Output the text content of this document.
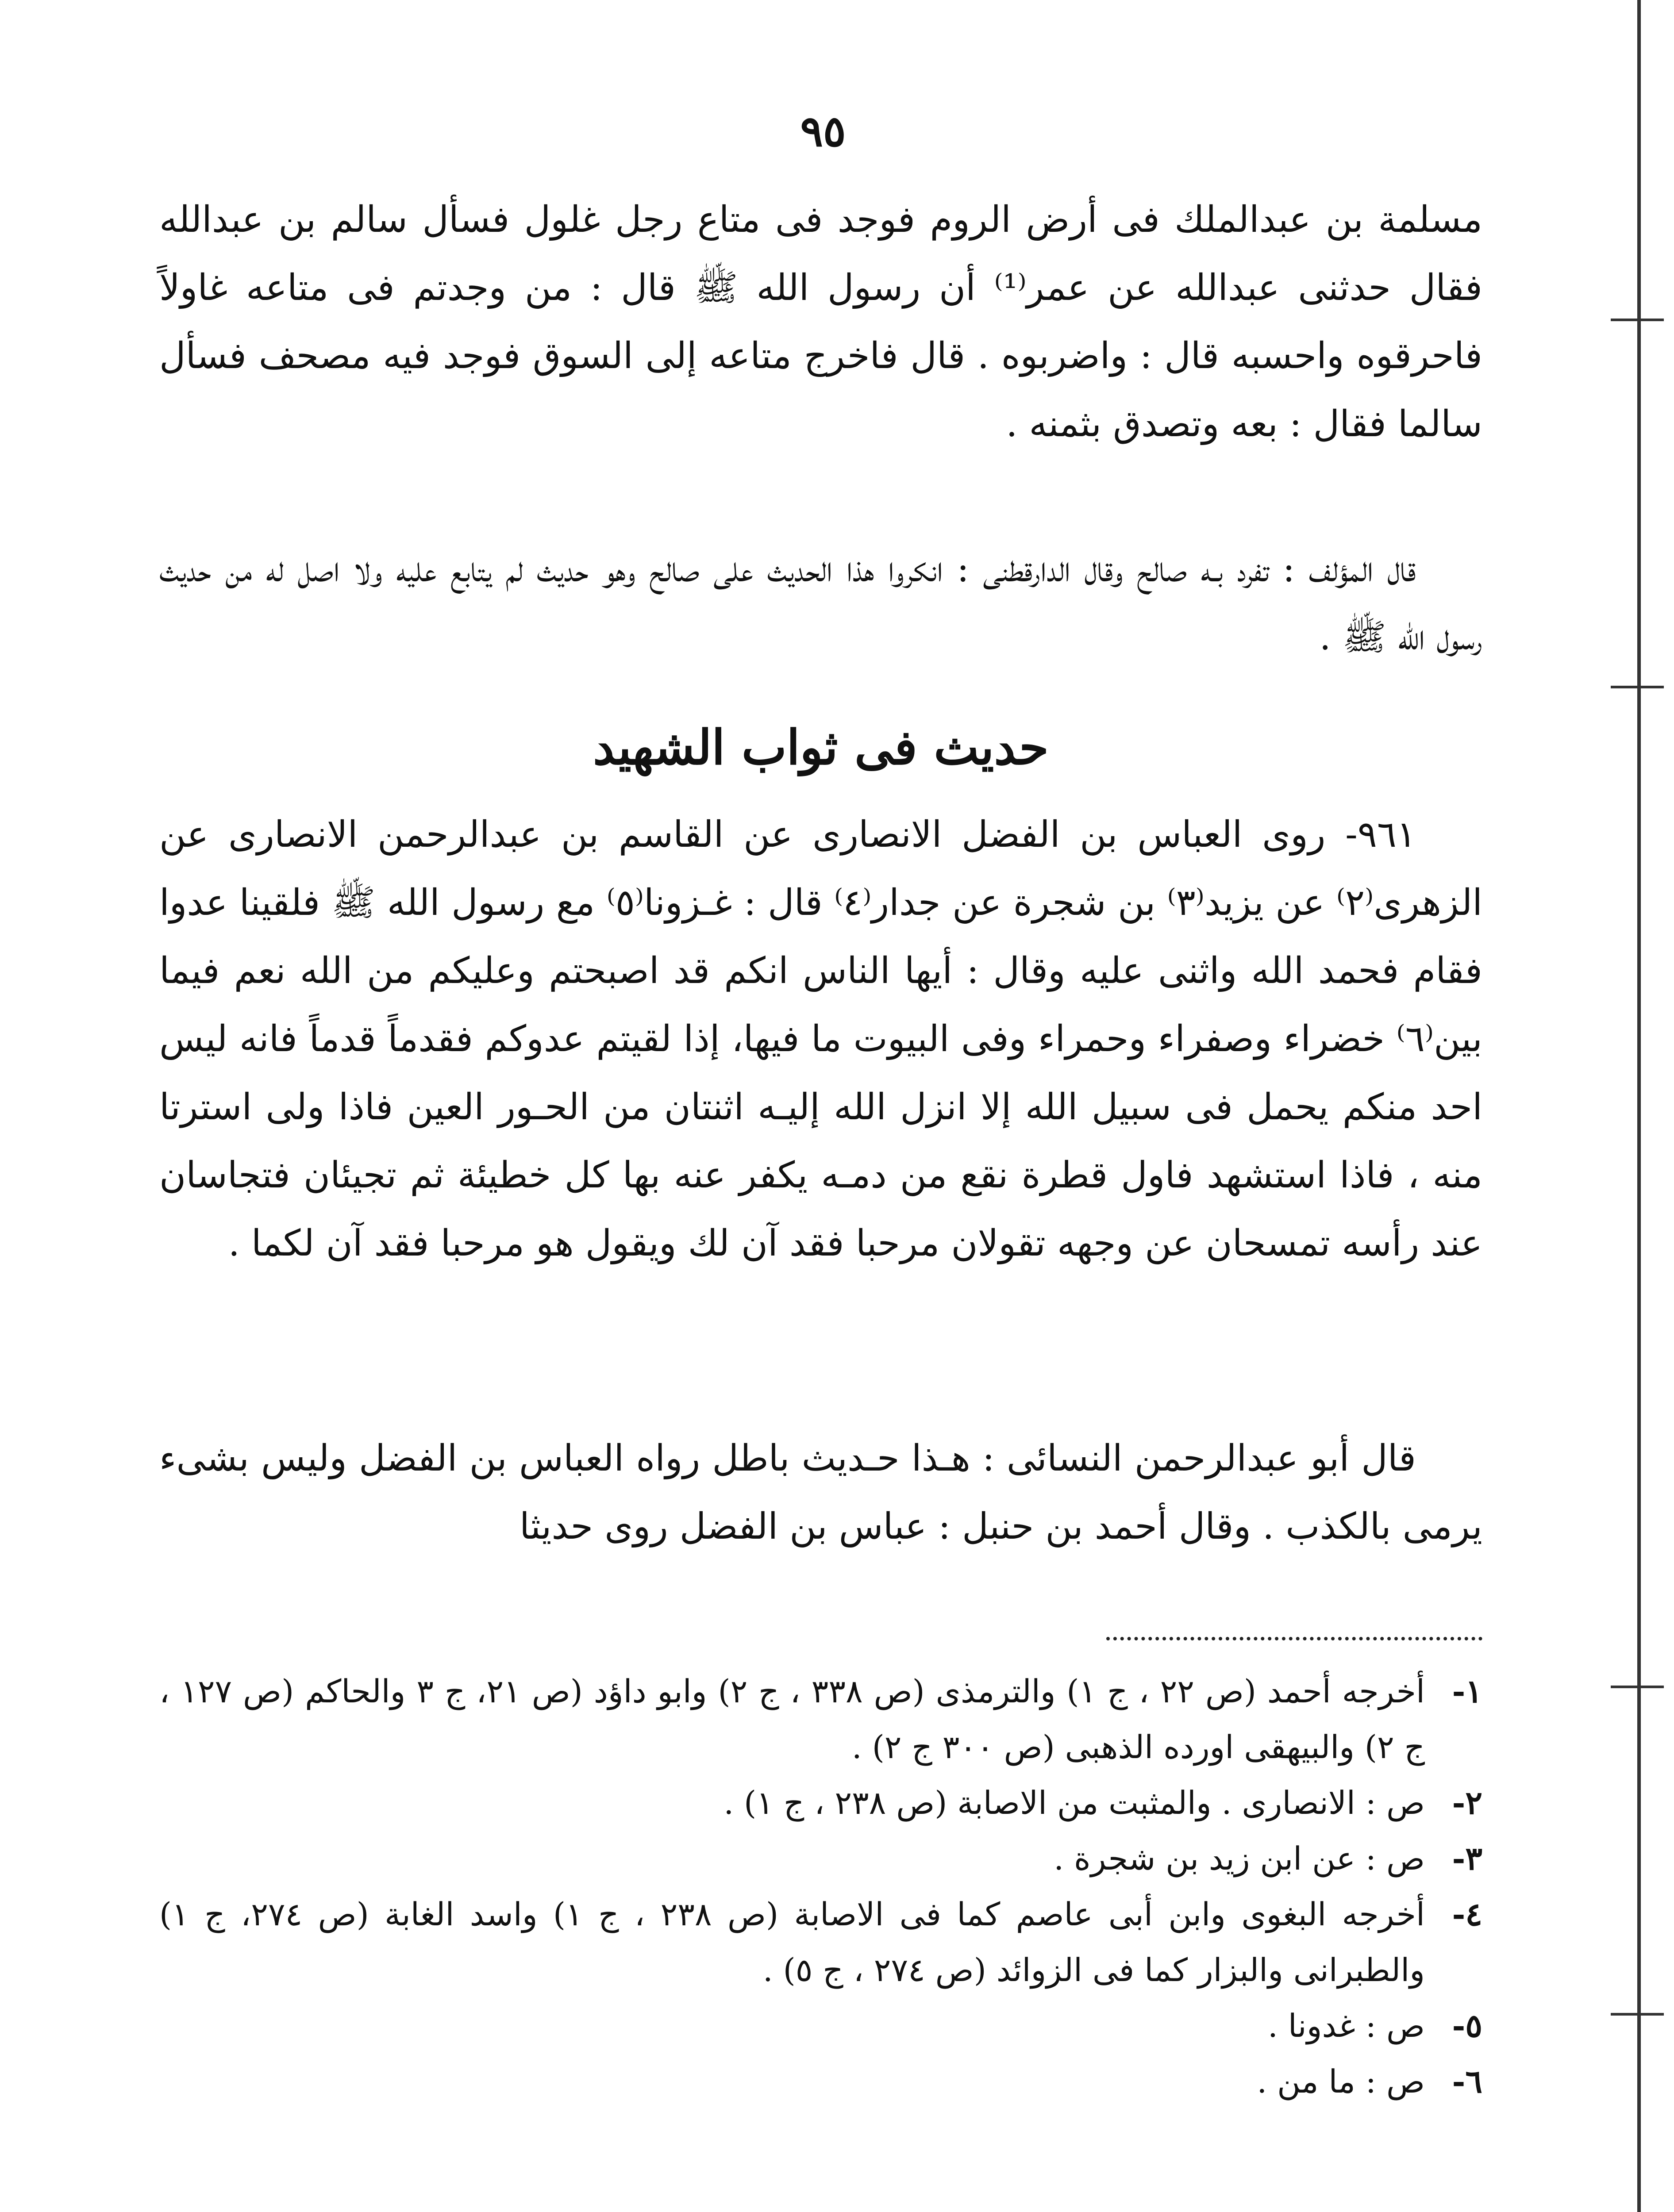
٩٥

مسلمة بن عبدالملك فى أرض الروم فوجد فى متاع رجل غلول فسأل سالم بن عبدالله فقال حدثنى عبدالله عن عمر⁽¹⁾ أن رسول الله ﷺ قال : من وجدتم فى متاعه غاولاً فاحرقوه واحسبه قال : واضربوه . قال فاخرج متاعه إلى السوق فوجد فيه مصحف فسأل سالما فقال : بعه وتصدق بثمنه .

قال المؤلف : تفرد بـه صالح وقال الدارقطنى : انكروا هذا الحديث على صالح وهو حديث لم يتابع عليه ولا اصل له من حديث رسول الله ﷺ .

حديث فى ثواب الشهيد

٩٦١- روى العباس بن الفضل الانصارى عن القاسم بن عبدالرحمن الانصارى عن الزهرى⁽٢⁾ عن يزيد⁽٣⁾ بن شجرة عن جدار⁽٤⁾ قال : غـزونا⁽٥⁾ مع رسول الله ﷺ فلقينا عدوا فقام فحمد الله واثنى عليه وقال : أيها الناس انكم قد اصبحتم وعليكم من الله نعم فيما بين⁽٦⁾ خضراء وصفراء وحمراء وفى البيوت ما فيها، إذا لقيتم عدوكم فقدماً قدماً فانه ليس احد منكم يحمل فى سبيل الله إلا انزل الله إليـه اثنتان من الحـور العين فاذا ولى استرتا منه ، فاذا استشهد فاول قطرة نقع من دمـه يكفر عنه بها كل خطيئة ثم تجيئان فتجاسان عند رأسه تمسحان عن وجهه تقولان مرحبا فقد آن لك ويقول هو مرحبا فقد آن لكما .

قال أبو عبدالرحمن النسائى : هـذا حـديث باطل رواه العباس بن الفضل وليس بشىء يرمى بالكذب . وقال أحمد بن حنبل : عباس بن الفضل روى حديثا

١-
أخرجه أحمد (ص ٢٢ ، ج ١) والترمذى (ص ٣٣٨ ، ج ٢) وابو داؤد (ص ٢١، ج ٣ والحاكم (ص ١٢٧ ، ج ٢) والبيهقى اورده الذهبى (ص ٣٠٠ ج ٢) .
٢-
ص : الانصارى . والمثبت من الاصابة (ص ٢٣٨ ، ج ١) .
٣-
ص : عن ابن زيد بن شجرة .
٤-
أخرجه البغوى وابن أبى عاصم كما فى الاصابة (ص ٢٣٨ ، ج ١) واسد الغابة (ص ٢٧٤، ج ١) والطبرانى والبزار كما فى الزوائد (ص ٢٧٤ ، ج ٥) .
٥-
ص : غدونا .
٦-
ص : ما من .
